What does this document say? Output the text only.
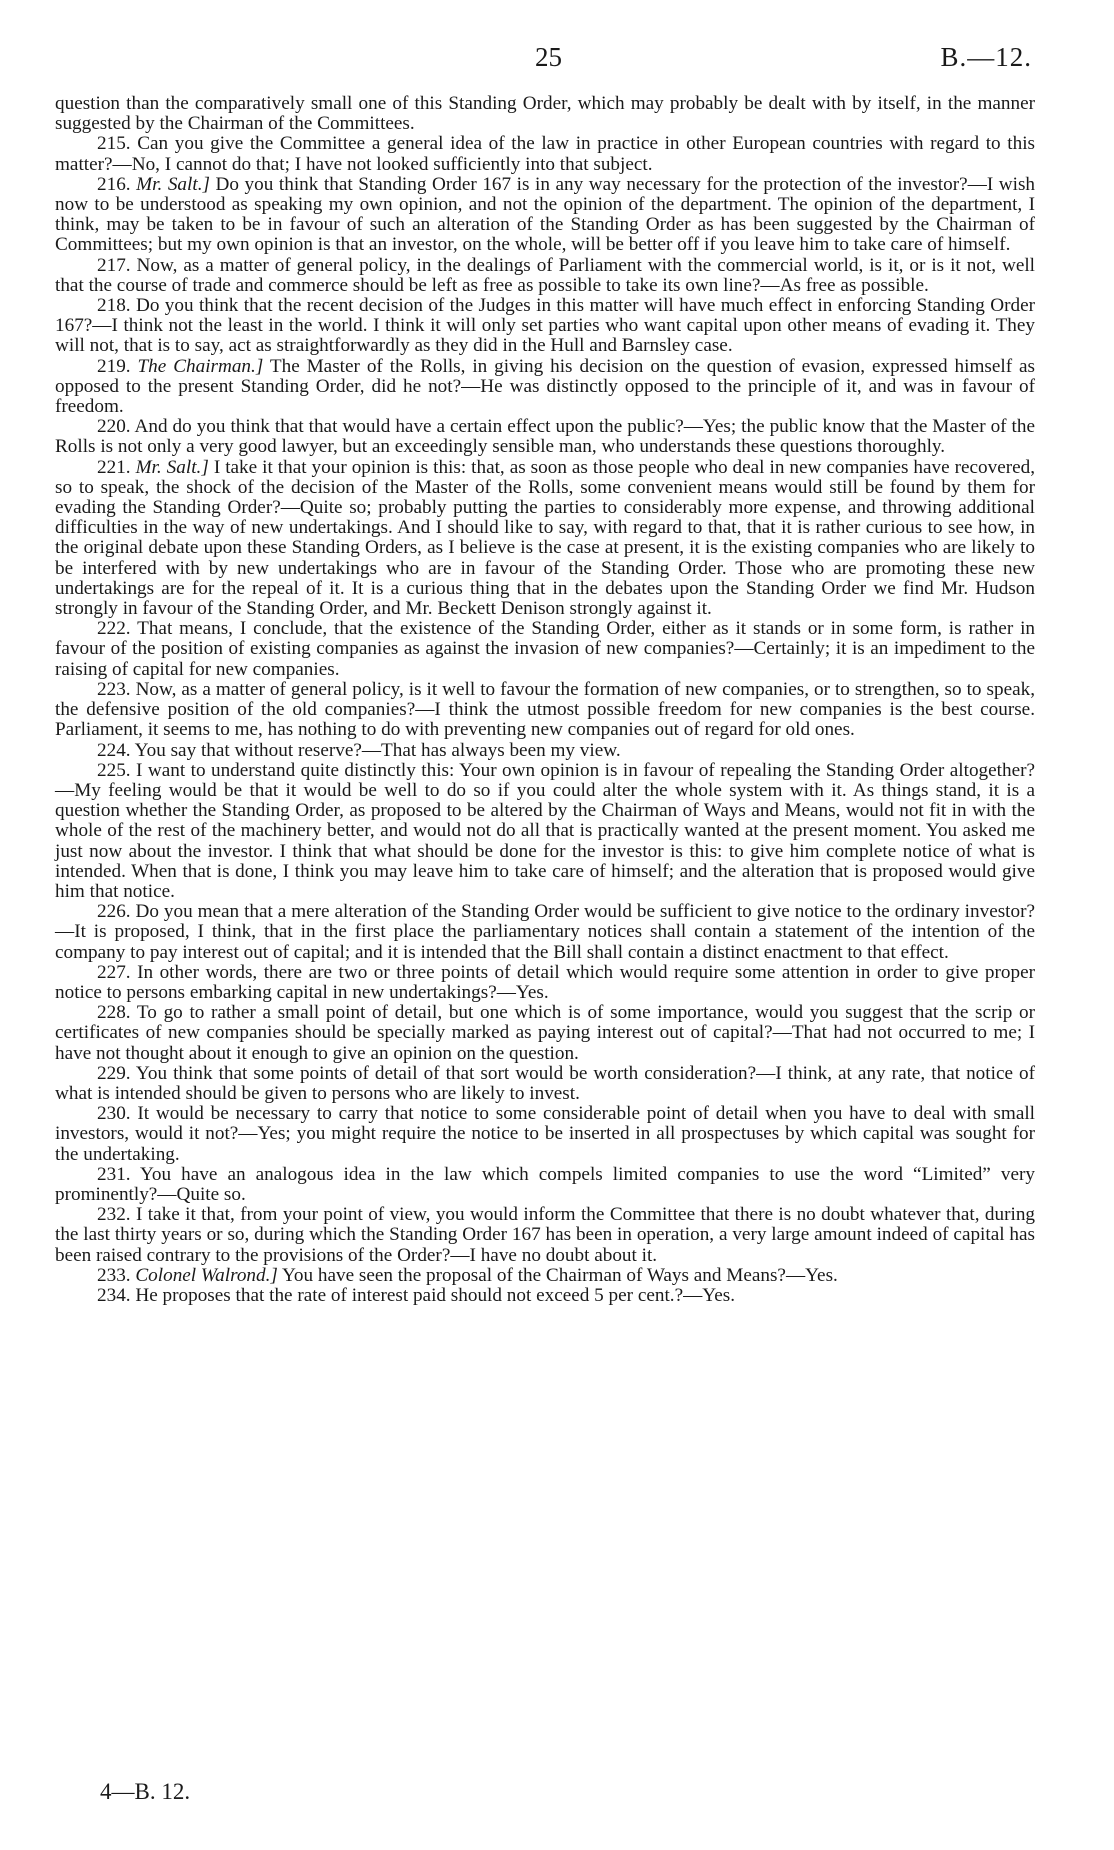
25	B.—12.

question than the comparatively small one of this Standing Order, which may probably be dealt with by itself, in the manner suggested by the Chairman of the Committees.

215. Can you give the Committee a general idea of the law in practice in other European countries with regard to this matter?—No, I cannot do that; I have not looked sufficiently into that subject.

216. Mr. Salt.] Do you think that Standing Order 167 is in any way necessary for the protection of the investor?—I wish now to be understood as speaking my own opinion, and not the opinion of the department. The opinion of the department, I think, may be taken to be in favour of such an alteration of the Standing Order as has been suggested by the Chairman of Committees; but my own opinion is that an investor, on the whole, will be better off if you leave him to take care of himself.

217. Now, as a matter of general policy, in the dealings of Parliament with the commercial world, is it, or is it not, well that the course of trade and commerce should be left as free as possible to take its own line?—As free as possible.

218. Do you think that the recent decision of the Judges in this matter will have much effect in enforcing Standing Order 167?—I think not the least in the world. I think it will only set parties who want capital upon other means of evading it. They will not, that is to say, act as straightforwardly as they did in the Hull and Barnsley case.

219. The Chairman.] The Master of the Rolls, in giving his decision on the question of evasion, expressed himself as opposed to the present Standing Order, did he not?—He was distinctly opposed to the principle of it, and was in favour of freedom.

220. And do you think that that would have a certain effect upon the public?—Yes; the public know that the Master of the Rolls is not only a very good lawyer, but an exceedingly sensible man, who understands these questions thoroughly.

221. Mr. Salt.] I take it that your opinion is this: that, as soon as those people who deal in new companies have recovered, so to speak, the shock of the decision of the Master of the Rolls, some convenient means would still be found by them for evading the Standing Order?—Quite so; probably putting the parties to considerably more expense, and throwing additional difficulties in the way of new undertakings. And I should like to say, with regard to that, that it is rather curious to see how, in the original debate upon these Standing Orders, as I believe is the case at present, it is the existing companies who are likely to be interfered with by new undertakings who are in favour of the Standing Order. Those who are promoting these new undertakings are for the repeal of it. It is a curious thing that in the debates upon the Standing Order we find Mr. Hudson strongly in favour of the Standing Order, and Mr. Beckett Denison strongly against it.

222. That means, I conclude, that the existence of the Standing Order, either as it stands or in some form, is rather in favour of the position of existing companies as against the invasion of new companies?—Certainly; it is an impediment to the raising of capital for new companies.

223. Now, as a matter of general policy, is it well to favour the formation of new companies, or to strengthen, so to speak, the defensive position of the old companies?—I think the utmost possible freedom for new companies is the best course. Parliament, it seems to me, has nothing to do with preventing new companies out of regard for old ones.

224. You say that without reserve?—That has always been my view.

225. I want to understand quite distinctly this: Your own opinion is in favour of repealing the Standing Order altogether?—My feeling would be that it would be well to do so if you could alter the whole system with it. As things stand, it is a question whether the Standing Order, as proposed to be altered by the Chairman of Ways and Means, would not fit in with the whole of the rest of the machinery better, and would not do all that is practically wanted at the present moment. You asked me just now about the investor. I think that what should be done for the investor is this: to give him complete notice of what is intended. When that is done, I think you may leave him to take care of himself; and the alteration that is proposed would give him that notice.

226. Do you mean that a mere alteration of the Standing Order would be sufficient to give notice to the ordinary investor?—It is proposed, I think, that in the first place the parliamentary notices shall contain a statement of the intention of the company to pay interest out of capital; and it is intended that the Bill shall contain a distinct enactment to that effect.

227. In other words, there are two or three points of detail which would require some attention in order to give proper notice to persons embarking capital in new undertakings?—Yes.

228. To go to rather a small point of detail, but one which is of some importance, would you suggest that the scrip or certificates of new companies should be specially marked as paying interest out of capital?—That had not occurred to me; I have not thought about it enough to give an opinion on the question.

229. You think that some points of detail of that sort would be worth consideration?—I think, at any rate, that notice of what is intended should be given to persons who are likely to invest.

230. It would be necessary to carry that notice to some considerable point of detail when you have to deal with small investors, would it not?—Yes; you might require the notice to be inserted in all prospectuses by which capital was sought for the undertaking.

231. You have an analogous idea in the law which compels limited companies to use the word “Limited” very prominently?—Quite so.

232. I take it that, from your point of view, you would inform the Committee that there is no doubt whatever that, during the last thirty years or so, during which the Standing Order 167 has been in operation, a very large amount indeed of capital has been raised contrary to the provisions of the Order?—I have no doubt about it.

233. Colonel Walrond.] You have seen the proposal of the Chairman of Ways and Means?—Yes.

234. He proposes that the rate of interest paid should not exceed 5 per cent.?—Yes.

4—B. 12.
